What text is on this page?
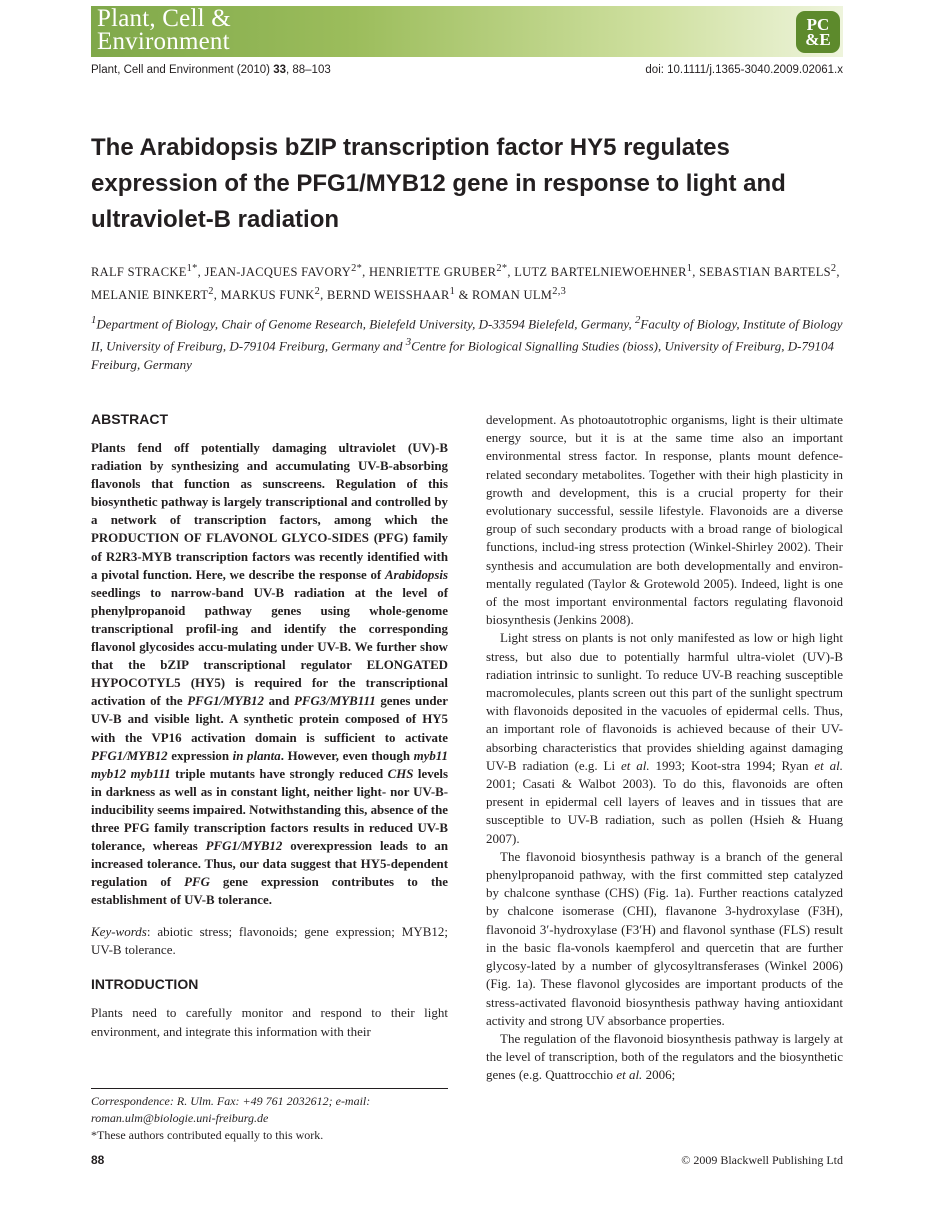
Plant, Cell &
Environment
PC
&E
Plant, Cell and Environment (2010) 33, 88–103	doi: 10.1111/j.1365-3040.2009.02061.x
The Arabidopsis bZIP transcription factor HY5 regulates expression of the PFG1/MYB12 gene in response to light and ultraviolet-B radiation
RALF $STRACKE^{1*}$, JEAN-JACQUES $FAVORY^{2*}$, HENRIETTE $GRUBER^{2*}$, LUTZ BARTELNIEWOEHNER$^1$, SEBASTIAN BARTELS$^2$, MELANIE BINKERT$^2$, MARKUS FUNK$^2$, BERND WEISSHAAR$^1$ & ROMAN ULM$^{2,3}$
$^1$Department of Biology, Chair of Genome Research, Bielefeld University, D-33594 Bielefeld, Germany, $^2$Faculty of Biology, Institute of Biology II, University of Freiburg, D-79104 Freiburg, Germany and $^3$Centre for Biological Signalling Studies (bioss), University of Freiburg, D-79104 Freiburg, Germany
ABSTRACT

Plants fend off potentially damaging ultraviolet (UV)-B radiation by synthesizing and accumulating UV-B-absorbing flavonols that function as sunscreens. Regulation of this biosynthetic pathway is largely transcriptional and controlled by a network of transcription factors, among which the PRODUCTION OF FLAVONOL GLYCO-SIDES (PFG) family of R2R3-MYB transcription factors was recently identified with a pivotal function. Here, we describe the response of Arabidopsis seedlings to narrow-band UV-B radiation at the level of phenylpropanoid pathway genes using whole-genome transcriptional profil-ing and identify the corresponding flavonol glycosides accu-mulating under UV-B. We further show that the bZIP transcriptional regulator ELONGATED HYPOCOTYL5 (HY5) is required for the transcriptional activation of the PFG1/MYB12 and PFG3/MYB111 genes under UV-B and visible light. A synthetic protein composed of HY5 with the VP16 activation domain is sufficient to activate PFG1/MYB12 expression in planta. However, even though myb11 myb12 myb111 triple mutants have strongly reduced CHS levels in darkness as well as in constant light, neither light- nor UV-B-inducibility seems impaired. Notwithstanding this, absence of the three PFG family transcription factors results in reduced UV-B tolerance, whereas PFG1/MYB12 overexpression leads to an increased tolerance. Thus, our data suggest that HY5-dependent regulation of PFG gene expression contributes to the establishment of UV-B tolerance.

Key-words: abiotic stress; flavonoids; gene expression; MYB12; UV-B tolerance.

INTRODUCTION

Plants need to carefully monitor and respond to their light environment, and integrate this information with their

Correspondence: R. Ulm. Fax: +49 761 2032612; e-mail: roman.ulm@biologie.uni-freiburg.de
*These authors contributed equally to this work.

development. As photoautotrophic organisms, light is their ultimate energy source, but it is at the same time also an important environmental stress factor. In response, plants mount defence-related secondary metabolites. Together with their high plasticity in growth and development, this is a crucial property for their evolutionary successful, sessile lifestyle. Flavonoids are a diverse group of such secondary products with a broad range of biological functions, includ-ing stress protection (Winkel-Shirley 2002). Their synthesis and accumulation are both developmentally and environ-mentally regulated (Taylor & Grotewold 2005). Indeed, light is one of the most important environmental factors regulating flavonoid biosynthesis (Jenkins 2008).

Light stress on plants is not only manifested as low or high light stress, but also due to potentially harmful ultra-violet (UV)-B radiation intrinsic to sunlight. To reduce UV-B reaching susceptible macromolecules, plants screen out this part of the sunlight spectrum with flavonoids deposited in the vacuoles of epidermal cells. Thus, an important role of flavonoids is achieved because of their UV-absorbing characteristics that provides shielding against damaging UV-B radiation (e.g. Li et al. 1993; Koot-stra 1994; Ryan et al. 2001; Casati & Walbot 2003). To do this, flavonoids are often present in epidermal cell layers of leaves and in tissues that are susceptible to UV-B radiation, such as pollen (Hsieh & Huang 2007).

The flavonoid biosynthesis pathway is a branch of the general phenylpropanoid pathway, with the first committed step catalyzed by chalcone synthase (CHS) (Fig. 1a). Further reactions catalyzed by chalcone isomerase (CHI), flavanone 3-hydroxylase (F3H), flavonoid 3′-hydroxylase (F3′H) and flavonol synthase (FLS) result in the basic fla-vonols kaempferol and quercetin that are further glycosy-lated by a number of glycosyltransferases (Winkel 2006) (Fig. 1a). These flavonol glycosides are important products of the stress-activated flavonoid biosynthesis pathway having antioxidant activity and strong UV absorbance properties.

The regulation of the flavonoid biosynthesis pathway is largely at the level of transcription, both of the regulators and the biosynthetic genes (e.g. Quattrocchio et al. 2006;

88	© 2009 Blackwell Publishing Ltd
